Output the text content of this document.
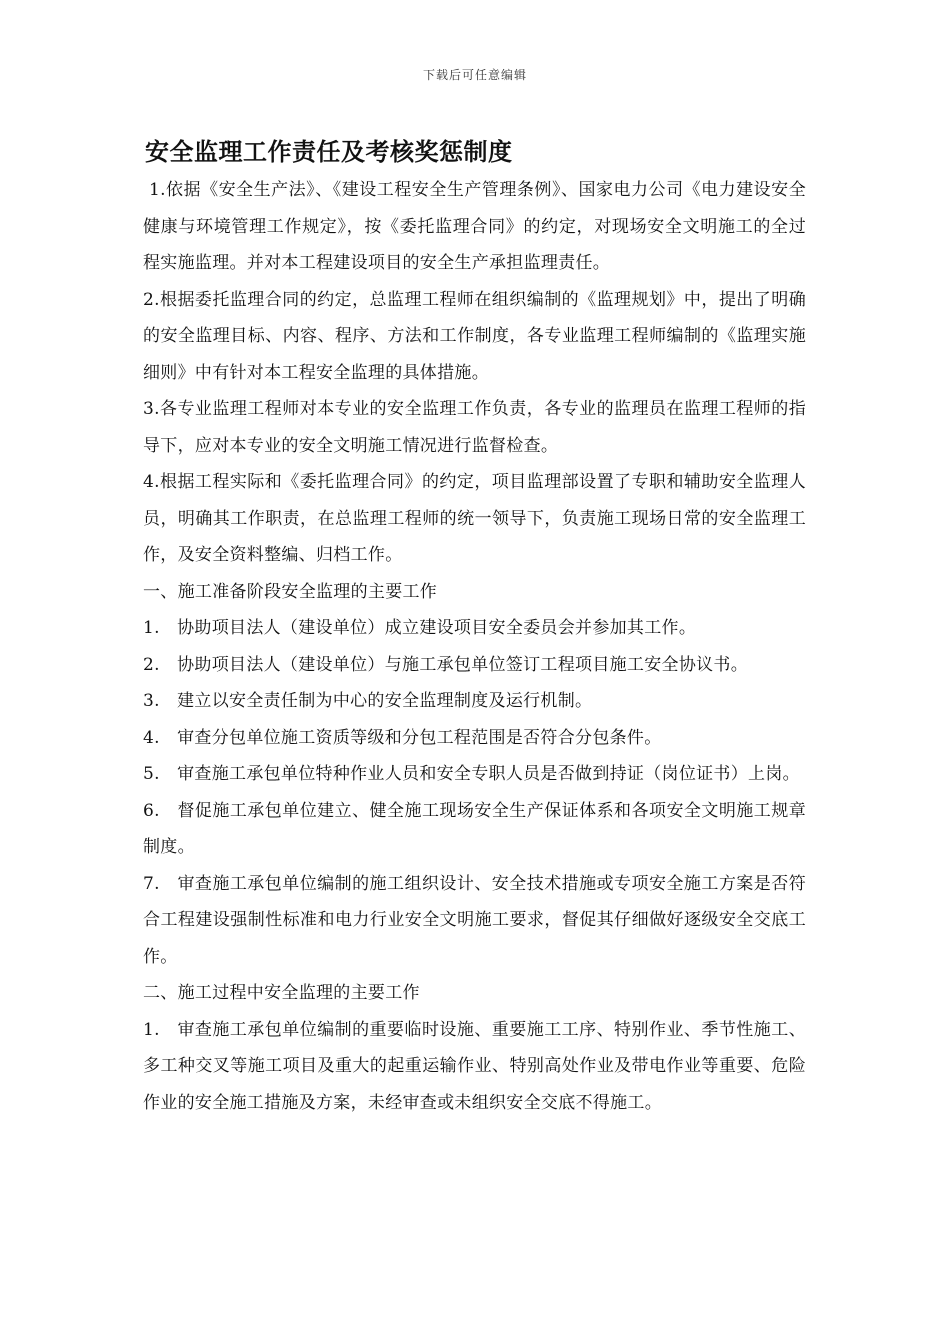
下载后可任意编辑
安全监理工作责任及考核奖惩制度

1.依据《安全生产法》、《建设工程安全生产管理条例》、国家电力公司《电力建设安全健康与环境管理工作规定》，按《委托监理合同》的约定，对现场安全文明施工的全过程实施监理。并对本工程建设项目的安全生产承担监理责任。

2.根据委托监理合同的约定，总监理工程师在组织编制的《监理规划》中，提出了明确的安全监理目标、内容、程序、方法和工作制度，各专业监理工程师编制的《监理实施细则》中有针对本工程安全监理的具体措施。

3.各专业监理工程师对本专业的安全监理工作负责，各专业的监理员在监理工程师的指导下，应对本专业的安全文明施工情况进行监督检查。

4.根据工程实际和《委托监理合同》的约定，项目监理部设置了专职和辅助安全监理人员，明确其工作职责，在总监理工程师的统一领导下，负责施工现场日常的安全监理工作，及安全资料整编、归档工作。

一、施工准备阶段安全监理的主要工作

1.　协助项目法人（建设单位）成立建设项目安全委员会并参加其工作。

2.　协助项目法人（建设单位）与施工承包单位签订工程项目施工安全协议书。

3.　建立以安全责任制为中心的安全监理制度及运行机制。

4.　审查分包单位施工资质等级和分包工程范围是否符合分包条件。

5.　审查施工承包单位特种作业人员和安全专职人员是否做到持证（岗位证书）上岗。

6.　督促施工承包单位建立、健全施工现场安全生产保证体系和各项安全文明施工规章制度。

7.　审查施工承包单位编制的施工组织设计、安全技术措施或专项安全施工方案是否符合工程建设强制性标准和电力行业安全文明施工要求，督促其仔细做好逐级安全交底工作。

二、施工过程中安全监理的主要工作

1.　审查施工承包单位编制的重要临时设施、重要施工工序、特别作业、季节性施工、多工种交叉等施工项目及重大的起重运输作业、特别高处作业及带电作业等重要、危险作业的安全施工措施及方案，未经审查或未组织安全交底不得施工。
